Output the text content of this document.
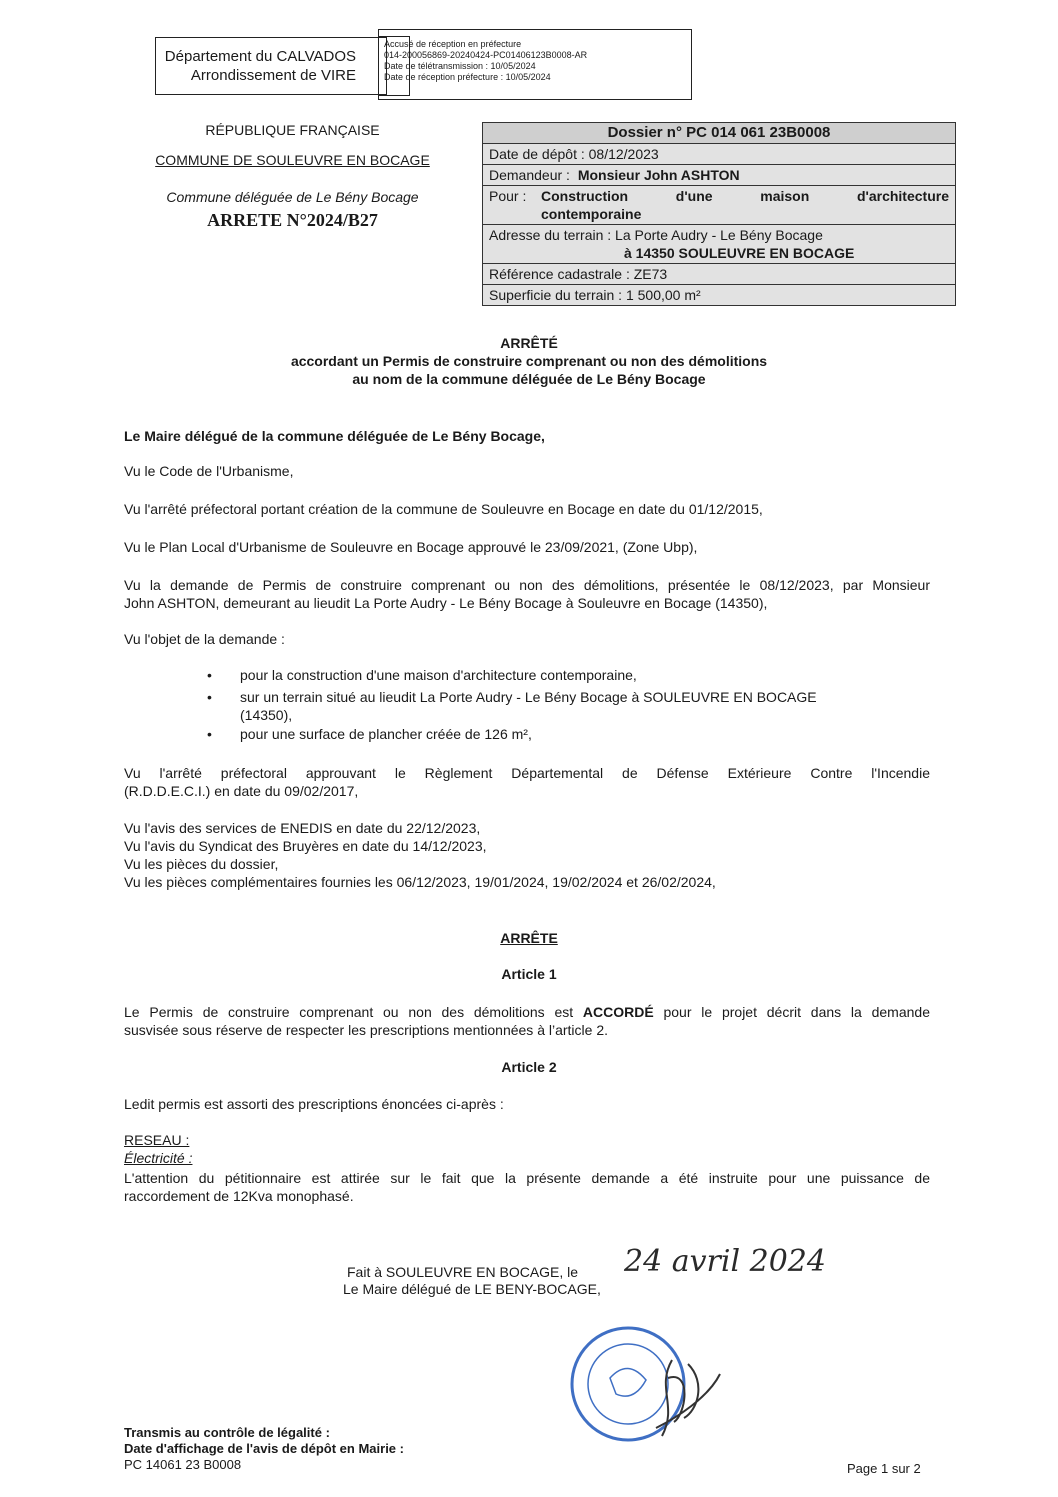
Département du CALVADOS
Arrondissement de VIRE
Accusé de réception en préfecture
014-200056869-20240424-PC01406123B0008-AR
Date de télétransmission : 10/05/2024
Date de réception préfecture : 10/05/2024
RÉPUBLIQUE FRANÇAISE
COMMUNE DE SOULEUVRE EN BOCAGE
Commune déléguée de Le Bény Bocage
ARRETE N°2024/B27
Dossier n° PC 014 061 23B0008
Date de dépôt : 08/12/2023
Demandeur : Monsieur John ASHTON
Pour : Construction d'une maison d'architecture
contemporaine
Adresse du terrain : La Porte Audry - Le Bény Bocage
à 14350 SOULEUVRE EN BOCAGE
Référence cadastrale : ZE73
Superficie du terrain : 1 500,00 m²
ARRÊTÉ
accordant un Permis de construire comprenant ou non des démolitions
au nom de la commune déléguée de Le Bény Bocage
Le Maire délégué de la commune déléguée de Le Bény Bocage,
Vu le Code de l'Urbanisme,
Vu l'arrêté préfectoral portant création de la commune de Souleuvre en Bocage en date du 01/12/2015,
Vu le Plan Local d'Urbanisme de Souleuvre en Bocage approuvé le 23/09/2021, (Zone Ubp),
Vu la demande de Permis de construire comprenant ou non des démolitions, présentée le 08/12/2023, par Monsieur
John ASHTON, demeurant au lieudit La Porte Audry - Le Bény Bocage à Souleuvre en Bocage (14350),
Vu l'objet de la demande :
• pour la construction d'une maison d'architecture contemporaine,
• sur un terrain situé au lieudit La Porte Audry - Le Bény Bocage à SOULEUVRE EN BOCAGE
(14350),
• pour une surface de plancher créée de 126 m²,
Vu l'arrêté préfectoral approuvant le Règlement Départemental de Défense Extérieure Contre l'Incendie
(R.D.D.E.C.I.) en date du 09/02/2017,
Vu l'avis des services de ENEDIS en date du 22/12/2023,
Vu l'avis du Syndicat des Bruyères en date du 14/12/2023,
Vu les pièces du dossier,
Vu les pièces complémentaires fournies les 06/12/2023, 19/01/2024, 19/02/2024 et 26/02/2024,
ARRÊTE
Article 1
Le Permis de construire comprenant ou non des démolitions est ACCORDÉ pour le projet décrit dans la demande
susvisée sous réserve de respecter les prescriptions mentionnées à l’article 2.
Article 2
Ledit permis est assorti des prescriptions énoncées ci-après :
RESEAU :
Électricité :
L'attention du pétitionnaire est attirée sur le fait que la présente demande a été instruite pour une puissance de
raccordement de 12Kva monophasé.
Fait à SOULEUVRE EN BOCAGE, le 24 avril 2024
Le Maire délégué de LE BENY-BOCAGE,
Transmis au contrôle de légalité :
Date d'affichage de l'avis de dépôt en Mairie :
PC 14061 23 B0008	Page 1 sur 2
